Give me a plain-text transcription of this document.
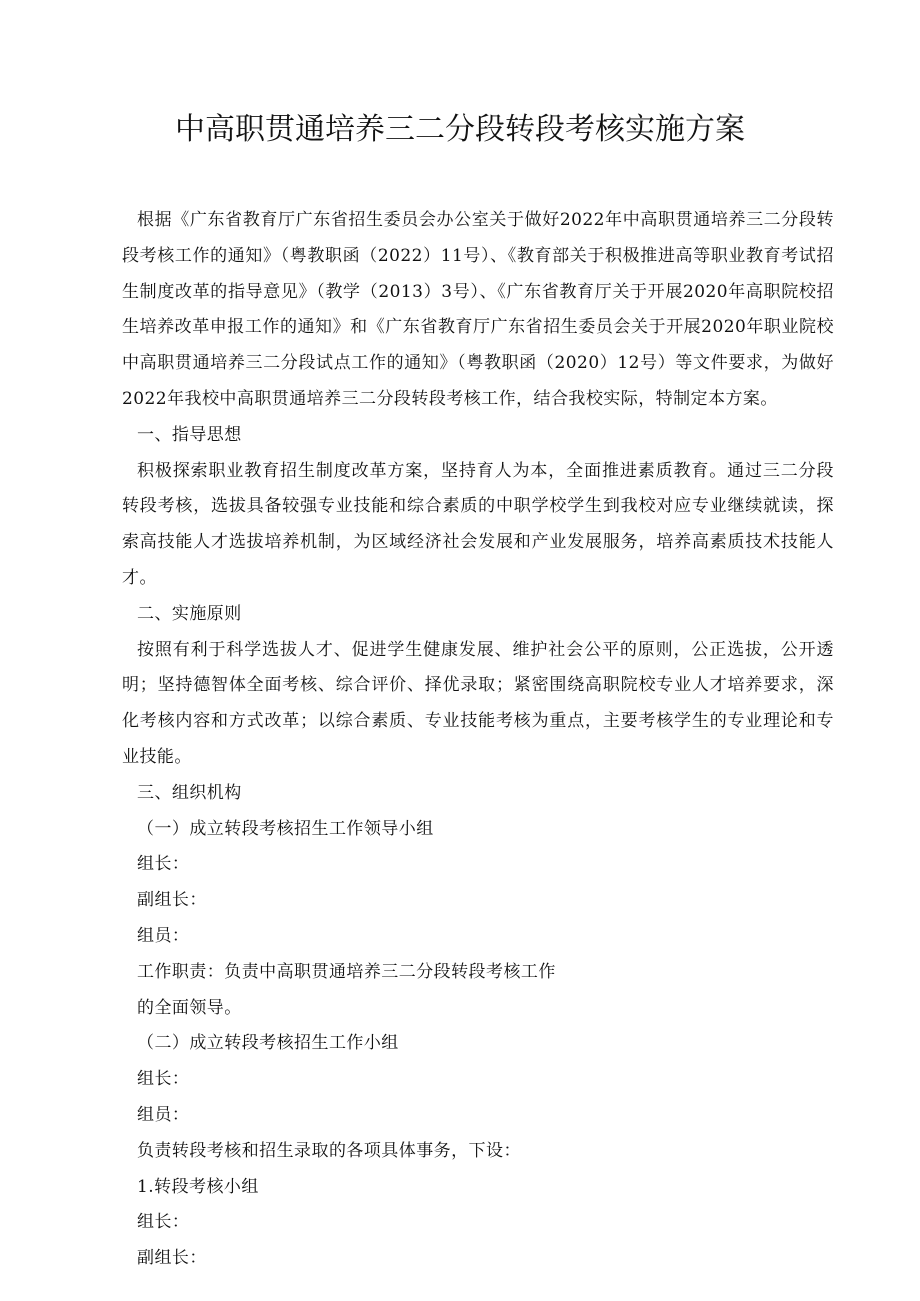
中高职贯通培养三二分段转段考核实施方案

根据《广东省教育厅广东省招生委员会办公室关于做好2022年中高职贯通培养三二分段转段考核工作的通知》（粤教职函（2022）11号）、《教育部关于积极推进高等职业教育考试招生制度改革的指导意见》（教学（2013）3号）、《广东省教育厅关于开展2020年高职院校招生培养改革申报工作的通知》和《广东省教育厅广东省招生委员会关于开展2020年职业院校中高职贯通培养三二分段试点工作的通知》（粤教职函（2020）12号）等文件要求，为做好2022年我校中高职贯通培养三二分段转段考核工作，结合我校实际，特制定本方案。

一、指导思想

积极探索职业教育招生制度改革方案，坚持育人为本，全面推进素质教育。通过三二分段转段考核，选拔具备较强专业技能和综合素质的中职学校学生到我校对应专业继续就读，探索高技能人才选拔培养机制，为区域经济社会发展和产业发展服务，培养高素质技术技能人才。

二、实施原则

按照有利于科学选拔人才、促进学生健康发展、维护社会公平的原则，公正选拔，公开透明；坚持德智体全面考核、综合评价、择优录取；紧密围绕高职院校专业人才培养要求，深化考核内容和方式改革；以综合素质、专业技能考核为重点，主要考核学生的专业理论和专业技能。

三、组织机构

（一）成立转段考核招生工作领导小组

组长：

副组长：

组员：

工作职责：负责中高职贯通培养三二分段转段考核工作

的全面领导。

（二）成立转段考核招生工作小组

组长：

组员：

负责转段考核和招生录取的各项具体事务，下设：

1.转段考核小组

组长：

副组长：
